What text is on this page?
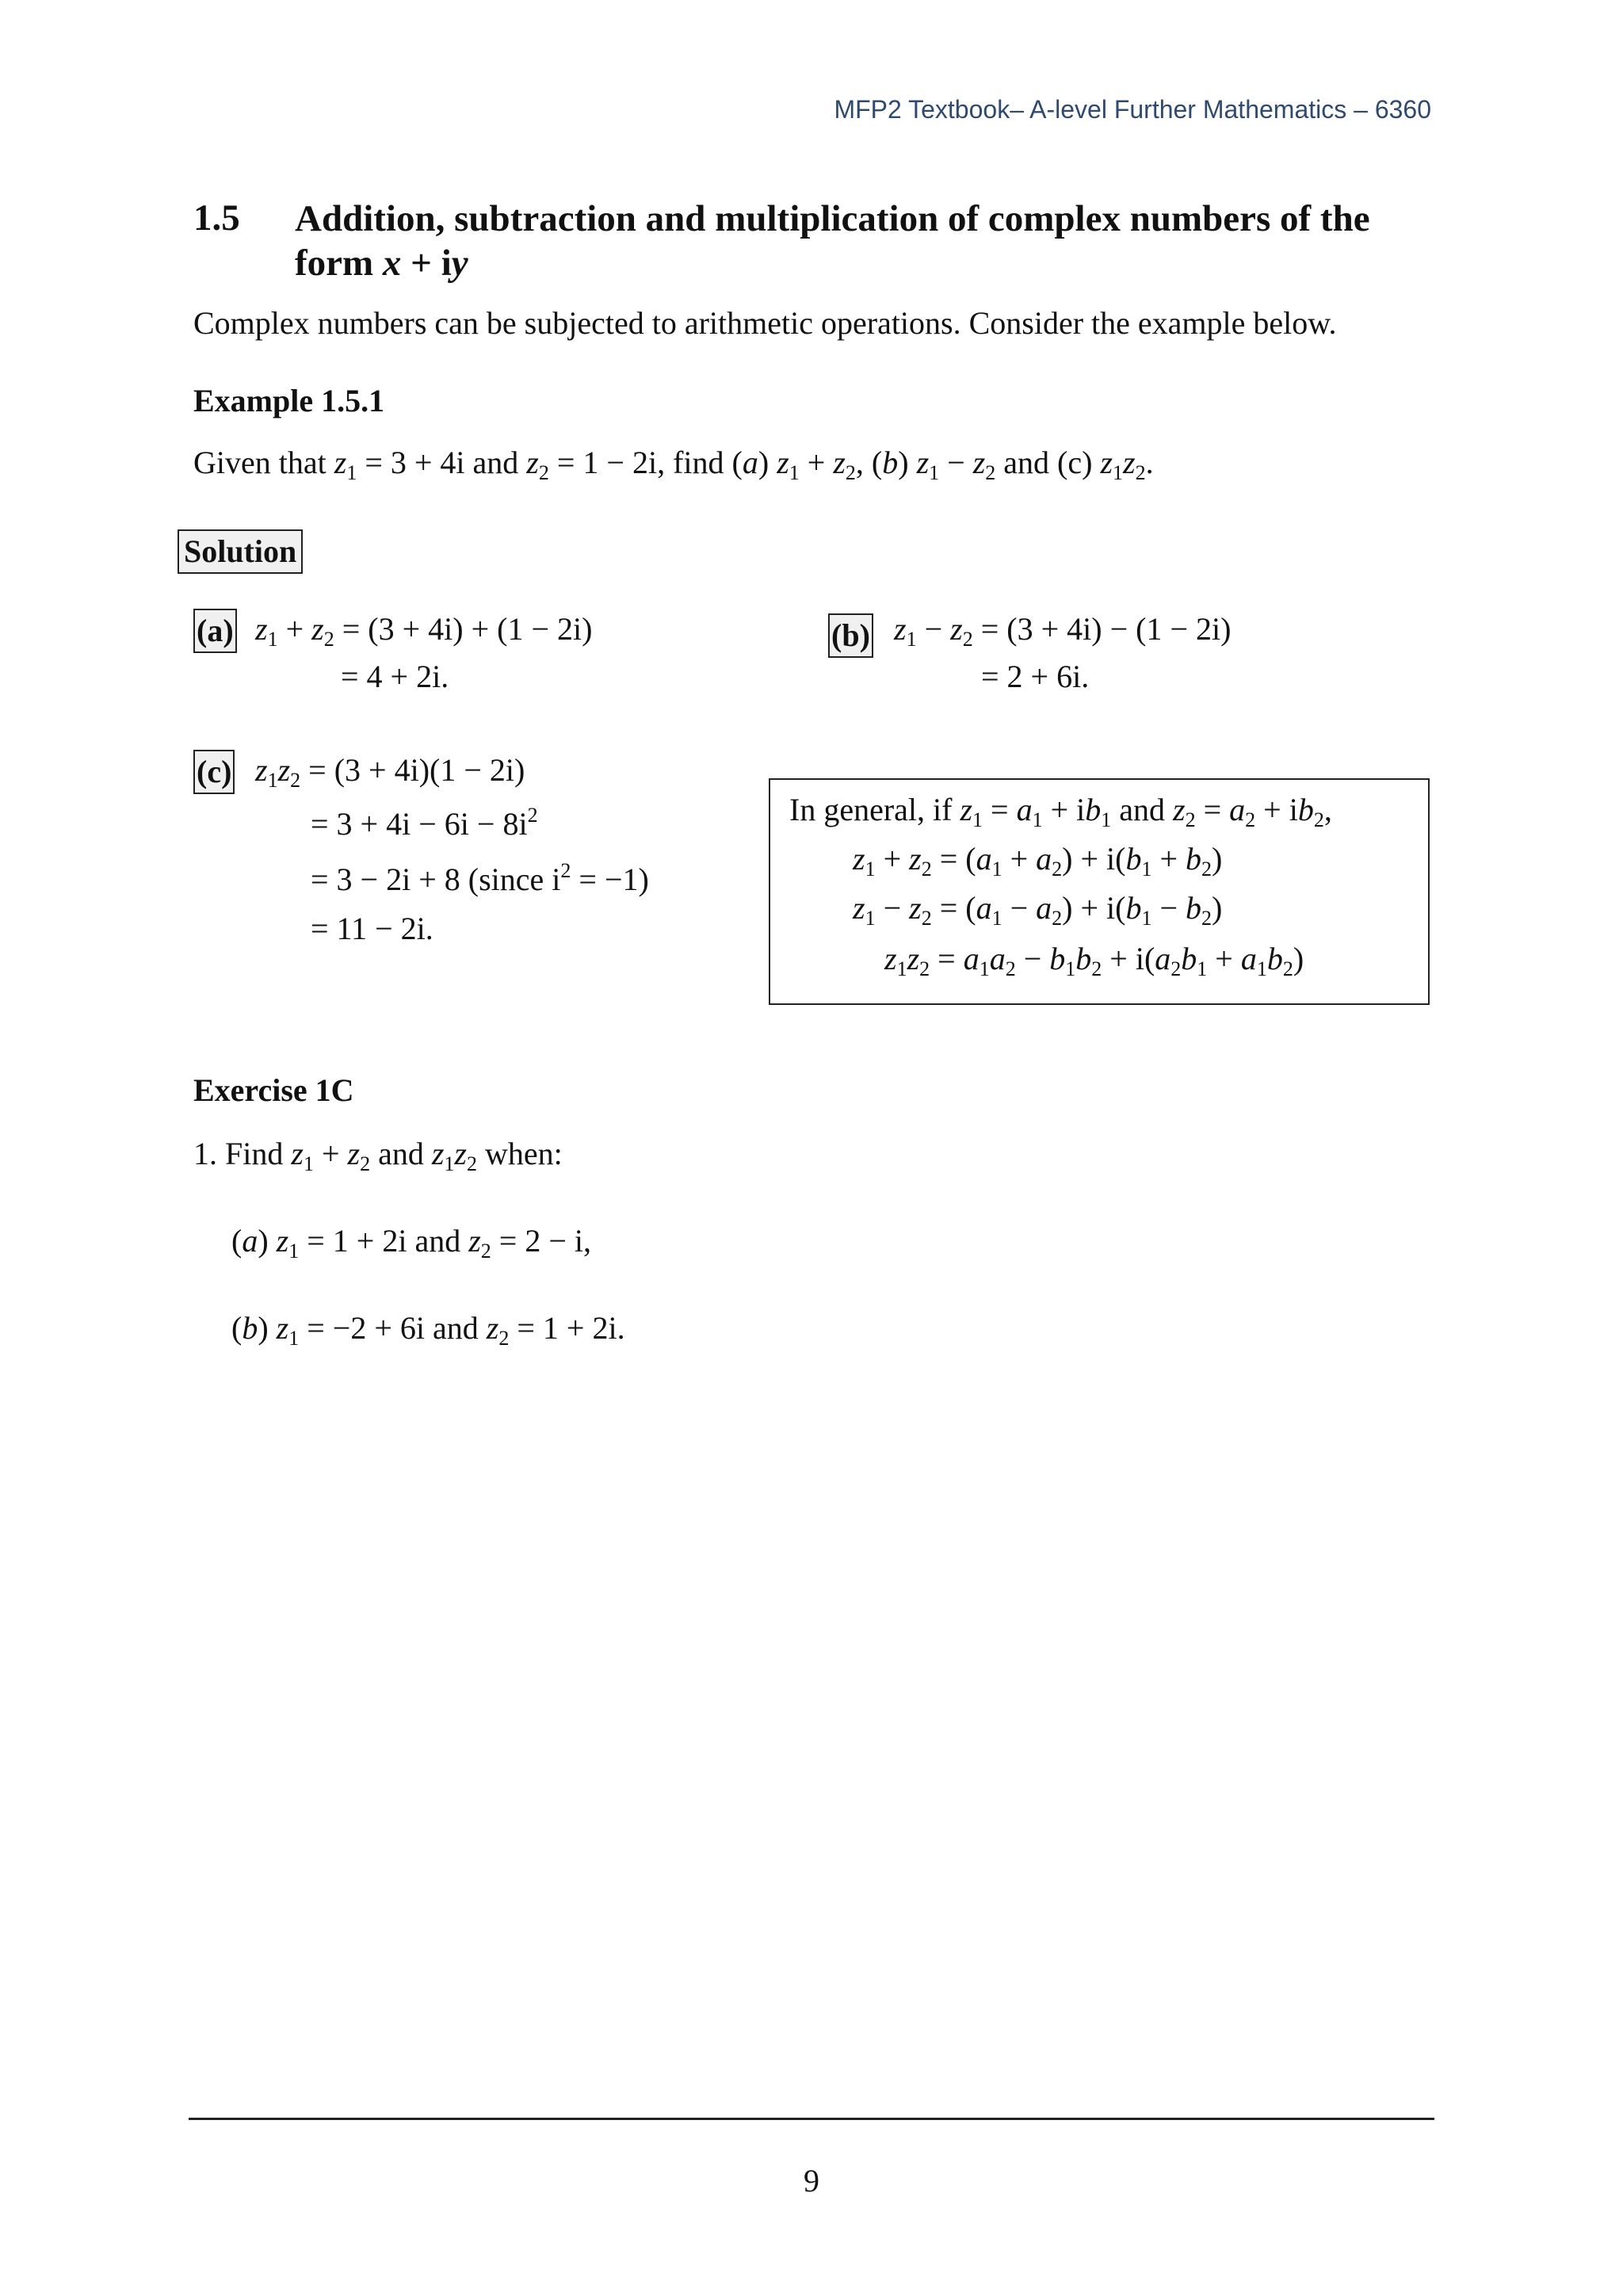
MFP2 Textbook– A-level Further Mathematics – 6360
1.5 Addition, subtraction and multiplication of complex numbers of the form x + iy
Complex numbers can be subjected to arithmetic operations. Consider the example below.
Example 1.5.1
Given that $z_1 = 3 + 4i$ and $z_2 = 1 - 2i$, find (a) $z_1 + z_2$, (b) $z_1 - z_2$ and (c) $z_1z_2$.
Solution
(a) $z_1 + z_2 = (3 + 4i) + (1 - 2i)$
= 4 + 2i.
(b) $z_1 - z_2 = (3 + 4i) - (1 - 2i)$
= 2 + 6i.
(c) $z_1z_2 = (3 + 4i)(1 - 2i)$
= $3 + 4i - 6i - 8i^2$
= 3 − 2i + 8 (since $i^2 = -1$)
= 11 − 2i.
In general, if $z_1 = a_1 + ib_1$ and $z_2 = a_2 + ib_2$,
$z_1 + z_2 = (a_1 + a_2) + i(b_1 + b_2)$
$z_1 - z_2 = (a_1 - a_2) + i(b_1 - b_2)$
$z_1z_2 = a_1a_2 - b_1b_2 + i(a_2b_1 + a_1b_2)$
Exercise 1C
1. Find $z_1 + z_2$ and $z_1z_2$ when:
(a) $z_1 = 1 + 2i$ and $z_2 = 2 - i$,
(b) $z_1 = -2 + 6i$ and $z_2 = 1 + 2i$.
9
